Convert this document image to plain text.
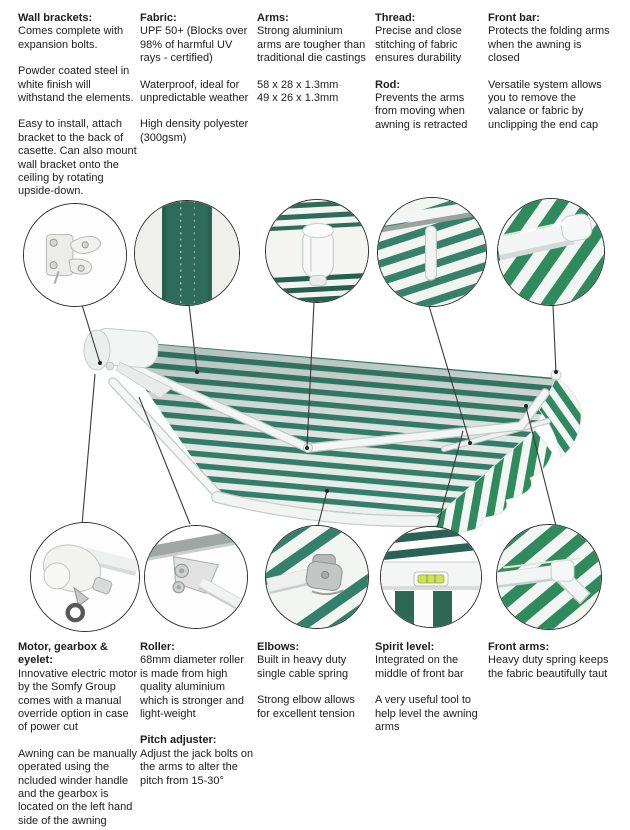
Wall brackets:
Comes complete with expansion bolts.
Powder coated steel in white finish will withstand the elements.
Easy to install, attach bracket to the back of casette. Can also mount wall bracket onto the ceiling by rotating upside-down.
Fabric:
UPF 50+ (Blocks over 98% of harmful UV rays - certified)
Waterproof, ideal for unpredictable weather
High density polyester (300gsm)
Arms:
Strong aluminium arms are tougher than traditional die castings
58 x 28 x 1.3mm
49 x 26 x 1.3mm
Thread:
Precise and close stitching of fabric ensures durability
Rod:
Prevents the arms from moving when awning is retracted
Front bar:
Protects the folding arms when the awning is closed
Versatile system allows you to remove the valance or fabric by unclipping the end cap
Motor, gearbox & eyelet:
Innovative electric motor by the Somfy Group comes with a manual override option in case of power cut
Awning can be manually operated using the ncluded winder handle and the gearbox is located on the left hand side of the awning
Roller:
68mm diameter roller is made from high quality aluminium which is stronger and light-weight
Pitch adjuster:
Adjust the jack bolts on the arms to alter the pitch from 15-30°
Elbows:
Built in heavy duty single cable spring
Strong elbow allows for excellent tension
Spirit level:
Integrated on the middle of front bar
A very useful tool to help level the awning arms
Front arms:
Heavy duty spring keeps the fabric beautifully taut
